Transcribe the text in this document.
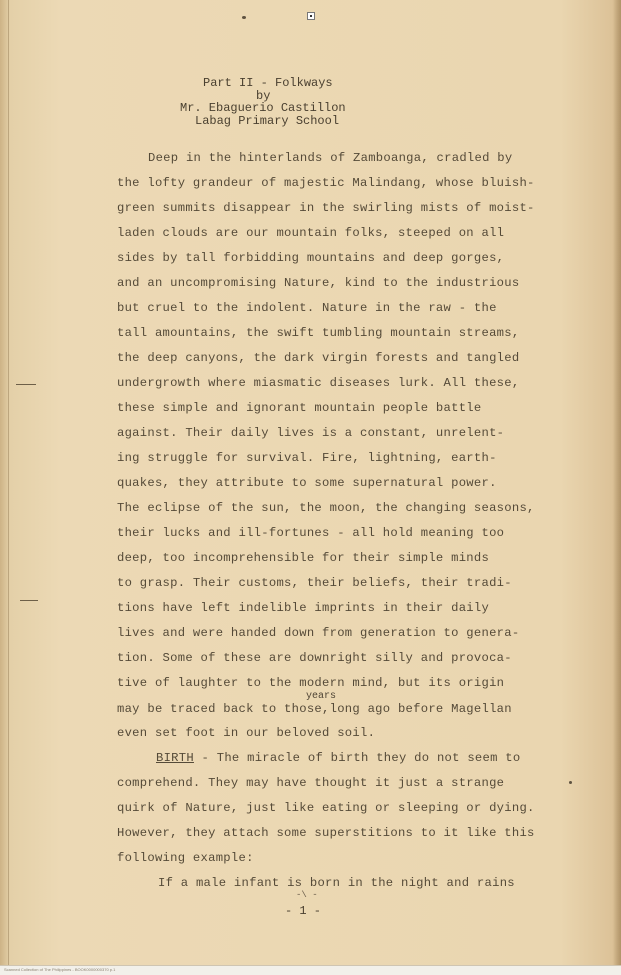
Part II - Folkways
by
Mr. Ebaguerio Castillon
Labag Primary School
Deep in the hinterlands of Zamboanga, cradled by
the lofty grandeur of majestic Malindang, whose bluish-
green summits disappear in the swirling mists of moist-
laden clouds are our mountain folks, steeped on all
sides by tall forbidding mountains and deep gorges,
and an uncompromising Nature, kind to the industrious
but cruel to the indolent. Nature in the raw - the
tall amountains, the swift tumbling mountain streams,
the deep canyons, the dark virgin forests and tangled
undergrowth where miasmatic diseases lurk. All these,
these simple and ignorant mountain people battle
against. Their daily lives is a constant, unrelent-
ing struggle for survival. Fire, lightning, earth-
quakes, they attribute to some supernatural power.
The eclipse of the sun, the moon, the changing seasons,
their lucks and ill-fortunes - all hold meaning too
deep, too incomprehensible for their simple minds
to grasp. Their customs, their beliefs, their tradi-
tions have left indelible imprints in their daily
lives and were handed down from generation to genera-
tion. Some of these are downright silly and provoca-
tive of laughter to the modern mind, but its origin
years
may be traced back to those,long ago before Magellan
even set foot in our beloved soil.
BIRTH - The miracle of birth they do not seem to
comprehend. They may have thought it just a strange
quirk of Nature, just like eating or sleeping or dying.
However, they attach some superstitions to it like this
following example:
If a male infant is born in the night and rains
-\ -
- 1 -
Scanned Collection of The Philippines - BOOK0000000370 p.1
